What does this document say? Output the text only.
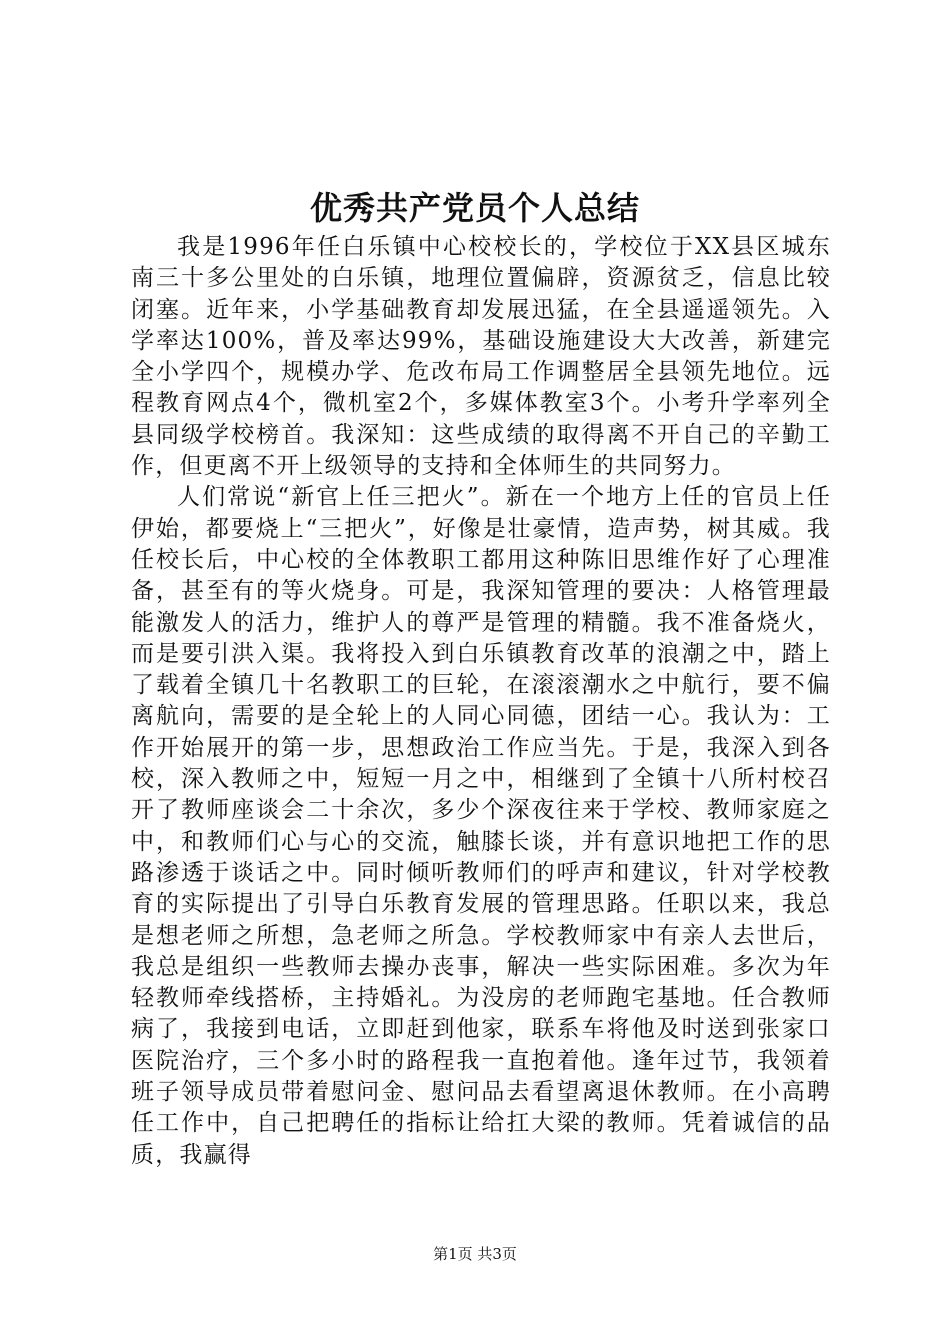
优秀共产党员个人总结

我是1996年任白乐镇中心校校长的，学校位于XX县区城东南三十多公里处的白乐镇，地理位置偏辟，资源贫乏，信息比较闭塞。近年来，小学基础教育却发展迅猛，在全县遥遥领先。入学率达100%，普及率达99%，基础设施建设大大改善，新建完全小学四个，规模办学、危改布局工作调整居全县领先地位。远程教育网点4个，微机室2个，多媒体教室3个。小考升学率列全县同级学校榜首。我深知：这些成绩的取得离不开自己的辛勤工作，但更离不开上级领导的支持和全体师生的共同努力。

人们常说“新官上任三把火”。新在一个地方上任的官员上任伊始，都要烧上“三把火”，好像是壮豪情，造声势，树其威。我任校长后，中心校的全体教职工都用这种陈旧思维作好了心理准备，甚至有的等火烧身。可是，我深知管理的要决：人格管理最能激发人的活力，维护人的尊严是管理的精髓。我不准备烧火，而是要引洪入渠。我将投入到白乐镇教育改革的浪潮之中，踏上了载着全镇几十名教职工的巨轮，在滚滚潮水之中航行，要不偏离航向，需要的是全轮上的人同心同德，团结一心。我认为：工作开始展开的第一步，思想政治工作应当先。于是，我深入到各校，深入教师之中，短短一月之中，相继到了全镇十八所村校召开了教师座谈会二十余次，多少个深夜往来于学校、教师家庭之中，和教师们心与心的交流，触膝长谈，并有意识地把工作的思路渗透于谈话之中。同时倾听教师们的呼声和建议，针对学校教育的实际提出了引导白乐教育发展的管理思路。任职以来，我总是想老师之所想，急老师之所急。学校教师家中有亲人去世后，我总是组织一些教师去操办丧事，解决一些实际困难。多次为年轻教师牵线搭桥，主持婚礼。为没房的老师跑宅基地。任合教师病了，我接到电话，立即赶到他家，联系车将他及时送到张家口医院治疗，三个多小时的路程我一直抱着他。逢年过节，我领着班子领导成员带着慰问金、慰问品去看望离退休教师。在小高聘任工作中，自己把聘任的指标让给扛大梁的教师。凭着诚信的品质，我赢得

第1页 共3页
